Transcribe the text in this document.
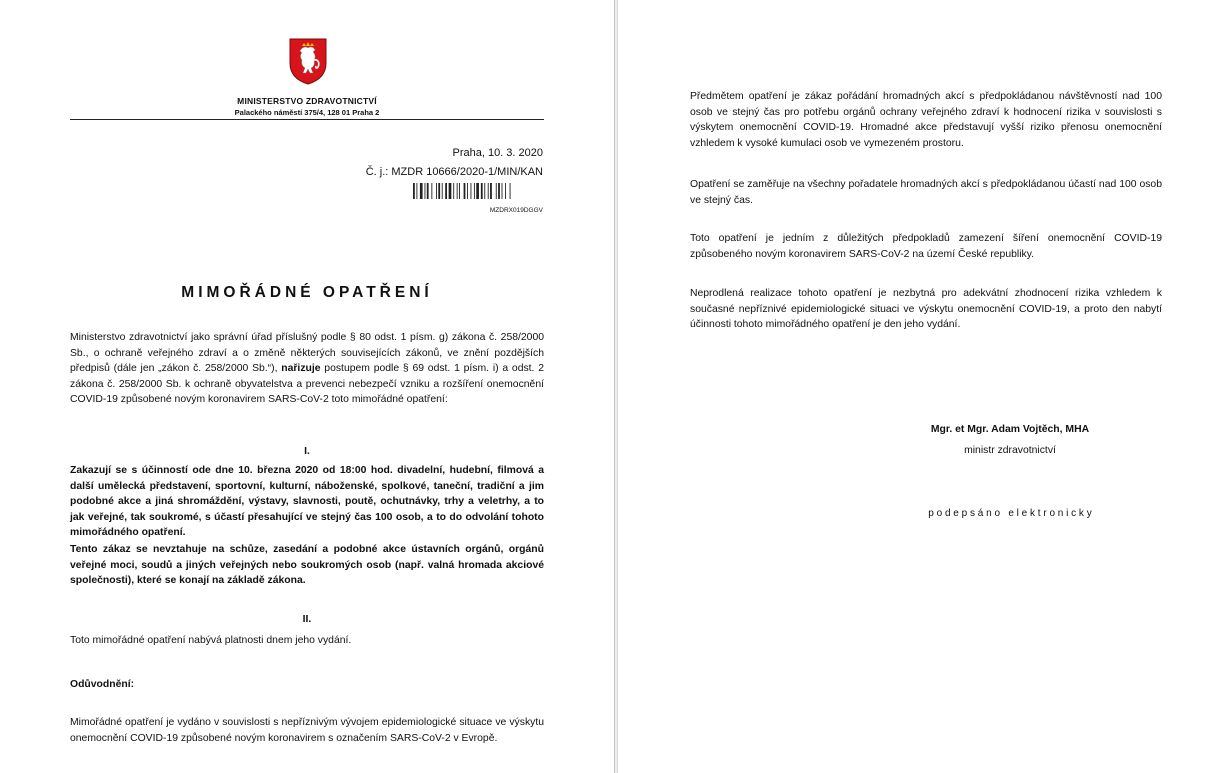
MINISTERSTVO ZDRAVOTNICTVÍ
Palackého náměstí 375/4, 128 01 Praha 2
Praha, 10. 3. 2020
Č. j.: MZDR 10666/2020-1/MIN/KAN
MZDRX019DGGV
MIMOŘÁDNÉ OPATŘENÍ

Ministerstvo zdravotnictví jako správní úřad příslušný podle § 80 odst. 1 písm. g) zákona č. 258/2000 Sb., o ochraně veřejného zdraví a o změně některých souvisejících zákonů, ve znění pozdějších předpisů (dále jen „zákon č. 258/2000 Sb.“), nařizuje postupem podle § 69 odst. 1 písm. i) a odst. 2 zákona č. 258/2000 Sb. k ochraně obyvatelstva a prevenci nebezpečí vzniku a rozšíření onemocnění COVID-19 způsobené novým koronavirem SARS-CoV-2 toto mimořádné opatření:

I.

Zakazují se s účinností ode dne 10. března 2020 od 18:00 hod. divadelní, hudební, filmová a další umělecká představení, sportovní, kulturní, náboženské, spolkové, taneční, tradiční a jim podobné akce a jiná shromáždění, výstavy, slavnosti, poutě, ochutnávky, trhy a veletrhy, a to jak veřejné, tak soukromé, s účastí přesahující ve stejný čas 100 osob, a to do odvolání tohoto mimořádného opatření.

Tento zákaz se nevztahuje na schůze, zasedání a podobné akce ústavních orgánů, orgánů veřejné moci, soudů a jiných veřejných nebo soukromých osob (např. valná hromada akciové společnosti), které se konají na základě zákona.

II.

Toto mimořádné opatření nabývá platnosti dnem jeho vydání.

Odůvodnění:

Mimořádné opatření je vydáno v souvislosti s nepříznivým vývojem epidemiologické situace ve výskytu onemocnění COVID-19 způsobené novým koronavirem s označením SARS-CoV-2 v Evropě.

Předmětem opatření je zákaz pořádání hromadných akcí s předpokládanou návštěvností nad 100 osob ve stejný čas pro potřebu orgánů ochrany veřejného zdraví k hodnocení rizika v souvislosti s výskytem onemocnění COVID-19. Hromadné akce představují vyšší riziko přenosu onemocnění vzhledem k vysoké kumulaci osob ve vymezeném prostoru.

Opatření se zaměřuje na všechny pořadatele hromadných akcí s předpokládanou účastí nad 100 osob ve stejný čas.

Toto opatření je jedním z důležitých předpokladů zamezení šíření onemocnění COVID-19 způsobeného novým koronavirem SARS-CoV-2 na území České republiky.

Neprodlená realizace tohoto opatření je nezbytná pro adekvátní zhodnocení rizika vzhledem k současné nepříznivé epidemiologické situaci ve výskytu onemocnění COVID-19, a proto den nabytí účinnosti tohoto mimořádného opatření je den jeho vydání.

Mgr. et Mgr. Adam Vojtěch, MHA
ministr zdravotnictví
p o d e p s á n o   e l e k t r o n i c k y
